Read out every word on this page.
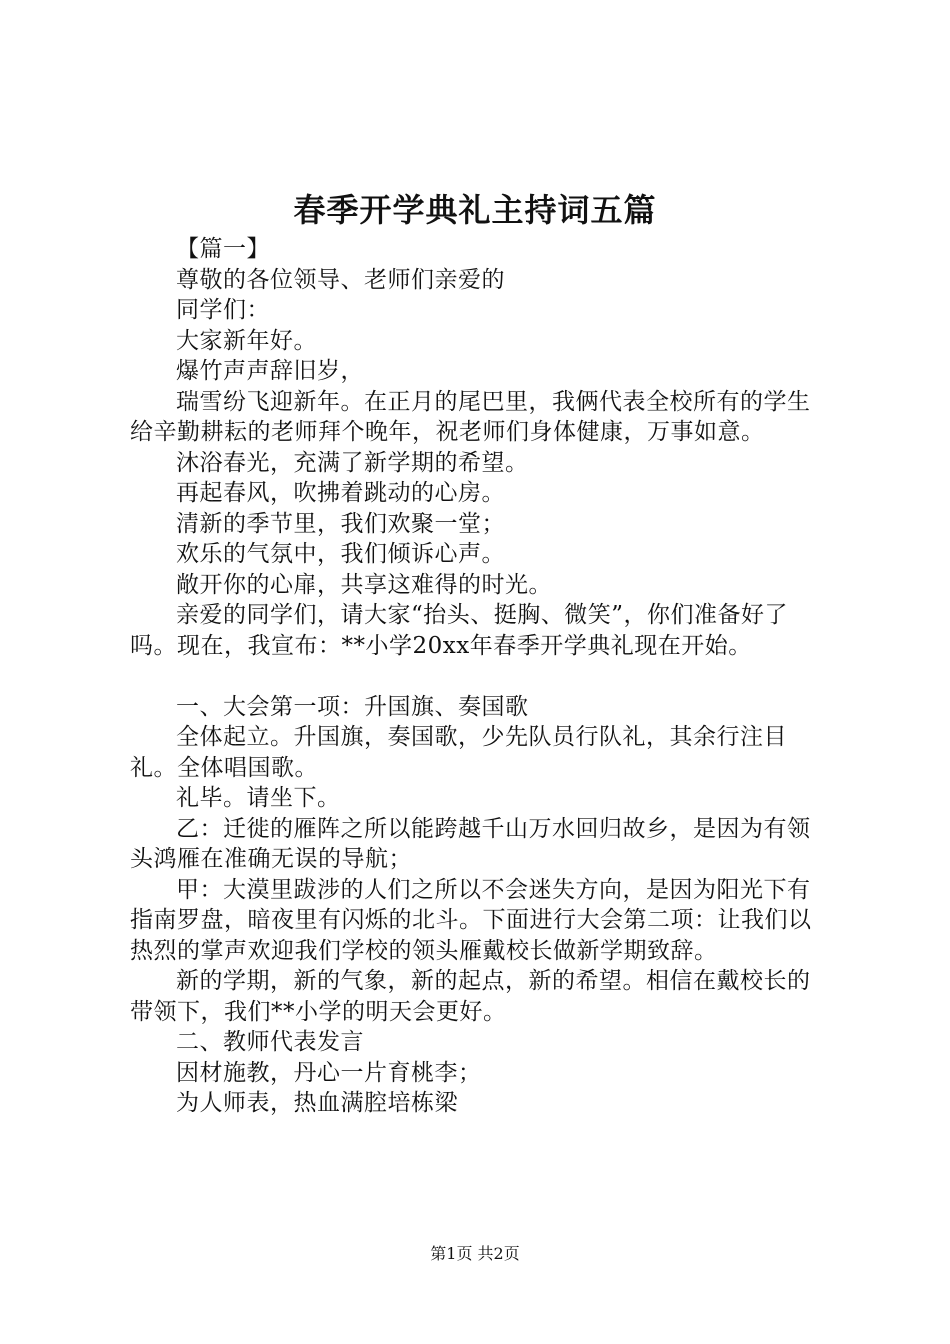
春季开学典礼主持词五篇

【篇一】

尊敬的各位领导、老师们亲爱的

同学们：

大家新年好。

爆竹声声辞旧岁，

瑞雪纷飞迎新年。在正月的尾巴里，我俩代表全校所有的学生给辛勤耕耘的老师拜个晚年，祝老师们身体健康，万事如意。

沐浴春光，充满了新学期的希望。

再起春风，吹拂着跳动的心房。

清新的季节里，我们欢聚一堂；

欢乐的气氛中，我们倾诉心声。

敞开你的心扉，共享这难得的时光。

亲爱的同学们，请大家“抬头、挺胸、微笑”，你们准备好了吗。现在，我宣布：**小学20xx年春季开学典礼现在开始。

一、大会第一项：升国旗、奏国歌

全体起立。升国旗，奏国歌，少先队员行队礼，其余行注目礼。全体唱国歌。

礼毕。请坐下。

乙：迁徙的雁阵之所以能跨越千山万水回归故乡，是因为有领头鸿雁在准确无误的导航；

甲：大漠里跋涉的人们之所以不会迷失方向，是因为阳光下有指南罗盘，暗夜里有闪烁的北斗。下面进行大会第二项：让我们以热烈的掌声欢迎我们学校的领头雁戴校长做新学期致辞。

新的学期，新的气象，新的起点，新的希望。相信在戴校长的带领下，我们**小学的明天会更好。

二、教师代表发言

因材施教，丹心一片育桃李；

为人师表，热血满腔培栋梁

第1页 共2页
